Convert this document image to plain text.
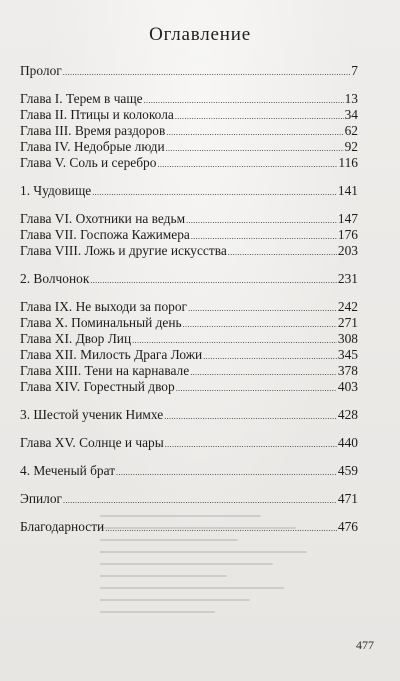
Оглавление
Пролог .....	7
Глава I. Терем в чаще .....	13
Глава II. Птицы и колокола .....	34
Глава III. Время раздоров .....	62
Глава IV. Недобрые люди .....	92
Глава V. Соль и серебро .....	116
1. Чудовище .....	141
Глава VI. Охотники на ведьм .....	147
Глава VII. Госпожа Кажимера .....	176
Глава VIII. Ложь и другие искусства .....	203
2. Волчонок .....	231
Глава IX. Не выходи за порог .....	242
Глава X. Поминальный день .....	271
Глава XI. Двор Лиц .....	308
Глава XII. Милость Драга Ложи .....	345
Глава XIII. Тени на карнавале .....	378
Глава XIV. Горестный двор .....	403
3. Шестой ученик Нимхе .....	428
Глава XV. Солнце и чары .....	440
4. Меченый брат .....	459
Эпилог .....	471
Благодарности .....	476
477
